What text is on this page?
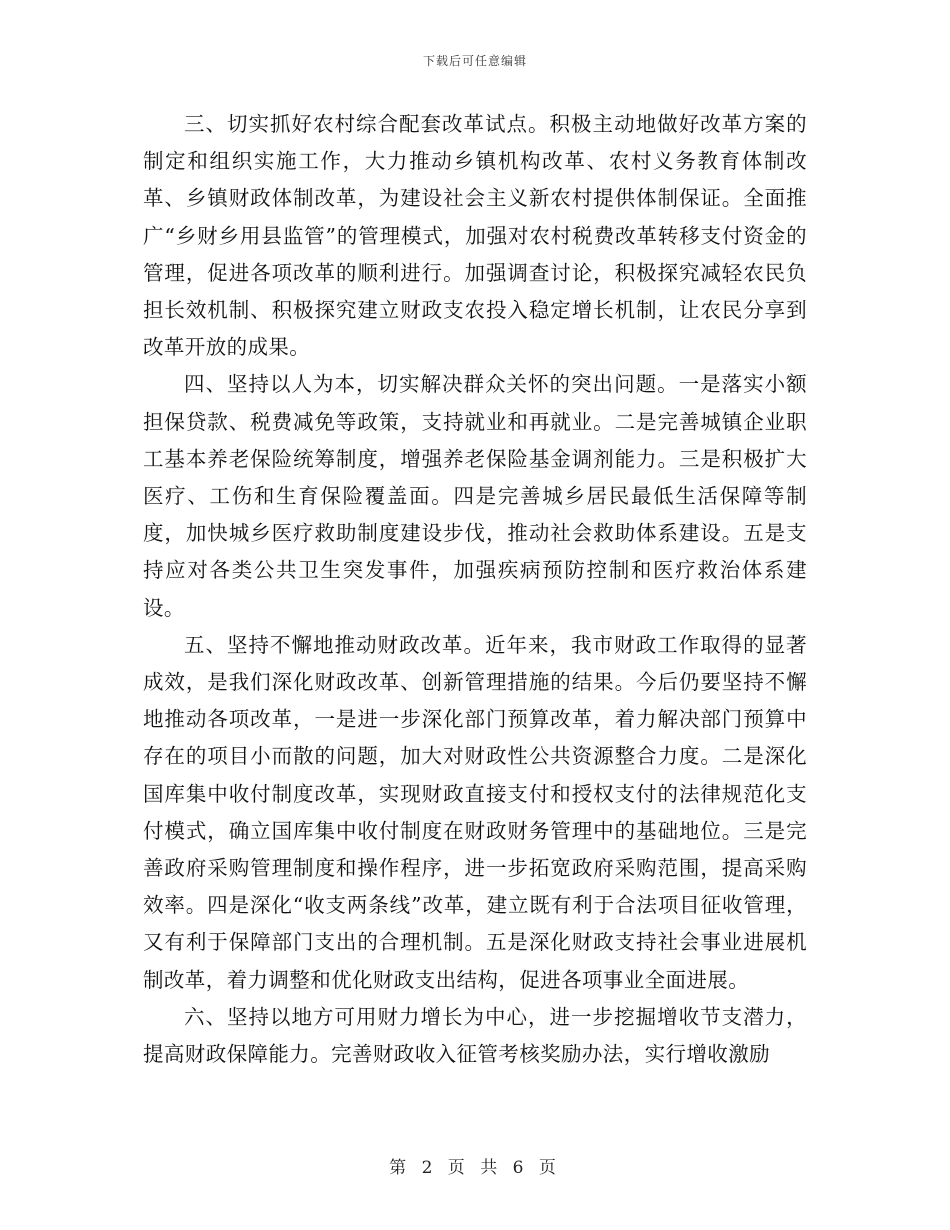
下载后可任意编辑

三、切实抓好农村综合配套改革试点。积极主动地做好改革方案的制定和组织实施工作，大力推动乡镇机构改革、农村义务教育体制改革、乡镇财政体制改革，为建设社会主义新农村提供体制保证。全面推广“乡财乡用县监管”的管理模式，加强对农村税费改革转移支付资金的管理，促进各项改革的顺利进行。加强调查讨论，积极探究减轻农民负担长效机制、积极探究建立财政支农投入稳定增长机制，让农民分享到改革开放的成果。

四、坚持以人为本，切实解决群众关怀的突出问题。一是落实小额担保贷款、税费减免等政策，支持就业和再就业。二是完善城镇企业职工基本养老保险统筹制度，增强养老保险基金调剂能力。三是积极扩大医疗、工伤和生育保险覆盖面。四是完善城乡居民最低生活保障等制度，加快城乡医疗救助制度建设步伐，推动社会救助体系建设。五是支持应对各类公共卫生突发事件，加强疾病预防控制和医疗救治体系建设。

五、坚持不懈地推动财政改革。近年来，我市财政工作取得的显著成效，是我们深化财政改革、创新管理措施的结果。今后仍要坚持不懈地推动各项改革，一是进一步深化部门预算改革，着力解决部门预算中存在的项目小而散的问题，加大对财政性公共资源整合力度。二是深化国库集中收付制度改革，实现财政直接支付和授权支付的法律规范化支付模式，确立国库集中收付制度在财政财务管理中的基础地位。三是完善政府采购管理制度和操作程序，进一步拓宽政府采购范围，提高采购效率。四是深化“收支两条线”改革，建立既有利于合法项目征收管理，又有利于保障部门支出的合理机制。五是深化财政支持社会事业进展机制改革，着力调整和优化财政支出结构，促进各项事业全面进展。

六、坚持以地方可用财力增长为中心，进一步挖掘增收节支潜力，提高财政保障能力。完善财政收入征管考核奖励办法，实行增收激励

第 2 页 共 6 页
